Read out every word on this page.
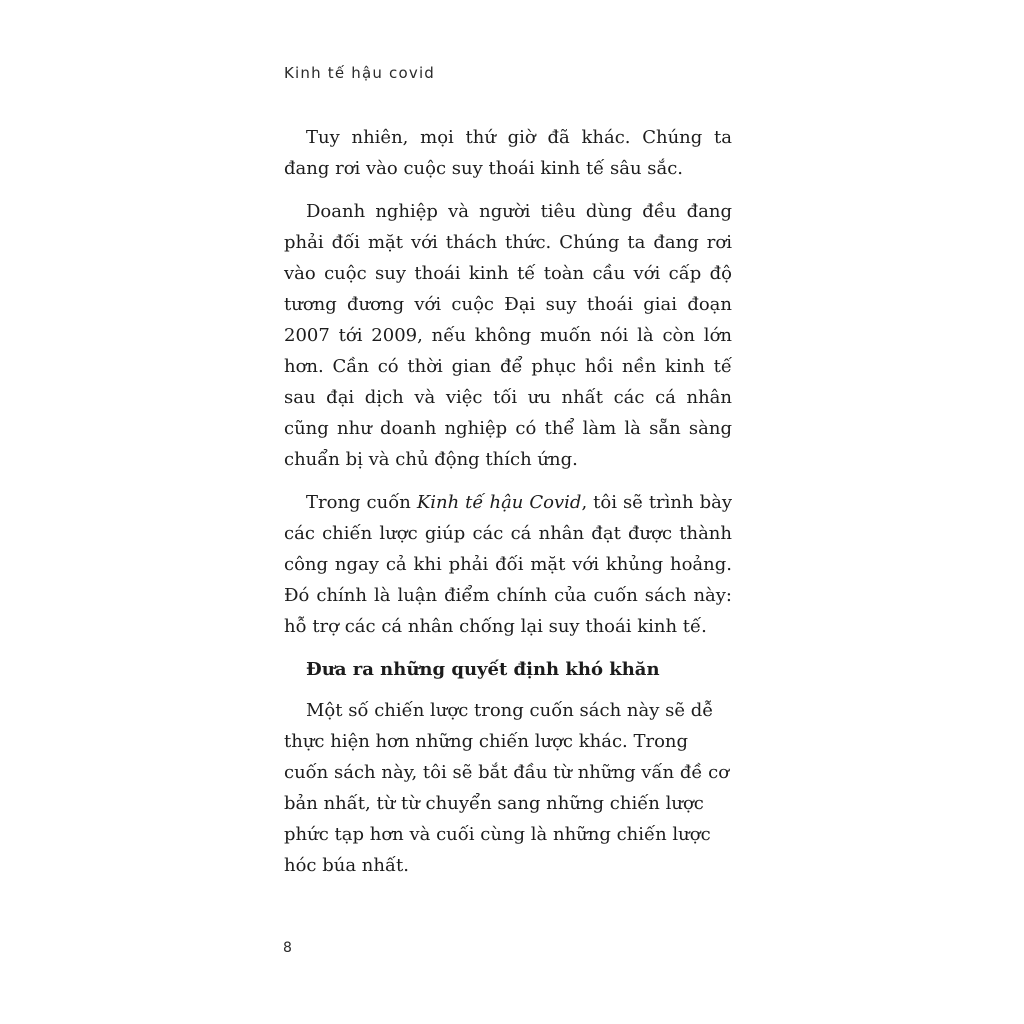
Kinh tế hậu covid

Tuy nhiên, mọi thứ giờ đã khác. Chúng ta đang rơi vào cuộc suy thoái kinh tế sâu sắc.

Doanh nghiệp và người tiêu dùng đều đang phải đối mặt với thách thức. Chúng ta đang rơi vào cuộc suy thoái kinh tế toàn cầu với cấp độ tương đương với cuộc Đại suy thoái giai đoạn 2007 tới 2009, nếu không muốn nói là còn lớn hơn. Cần có thời gian để phục hồi nền kinh tế sau đại dịch và việc tối ưu nhất các cá nhân cũng như doanh nghiệp có thể làm là sẵn sàng chuẩn bị và chủ động thích ứng.

Trong cuốn Kinh tế hậu Covid, tôi sẽ trình bày các chiến lược giúp các cá nhân đạt được thành công ngay cả khi phải đối mặt với khủng hoảng. Đó chính là luận điểm chính của cuốn sách này: hỗ trợ các cá nhân chống lại suy thoái kinh tế.

Đưa ra những quyết định khó khăn

Một số chiến lược trong cuốn sách này sẽ dễ thực hiện hơn những chiến lược khác. Trong cuốn sách này, tôi sẽ bắt đầu từ những vấn đề cơ bản nhất, từ từ chuyển sang những chiến lược phức tạp hơn và cuối cùng là những chiến lược hóc búa nhất.

8
